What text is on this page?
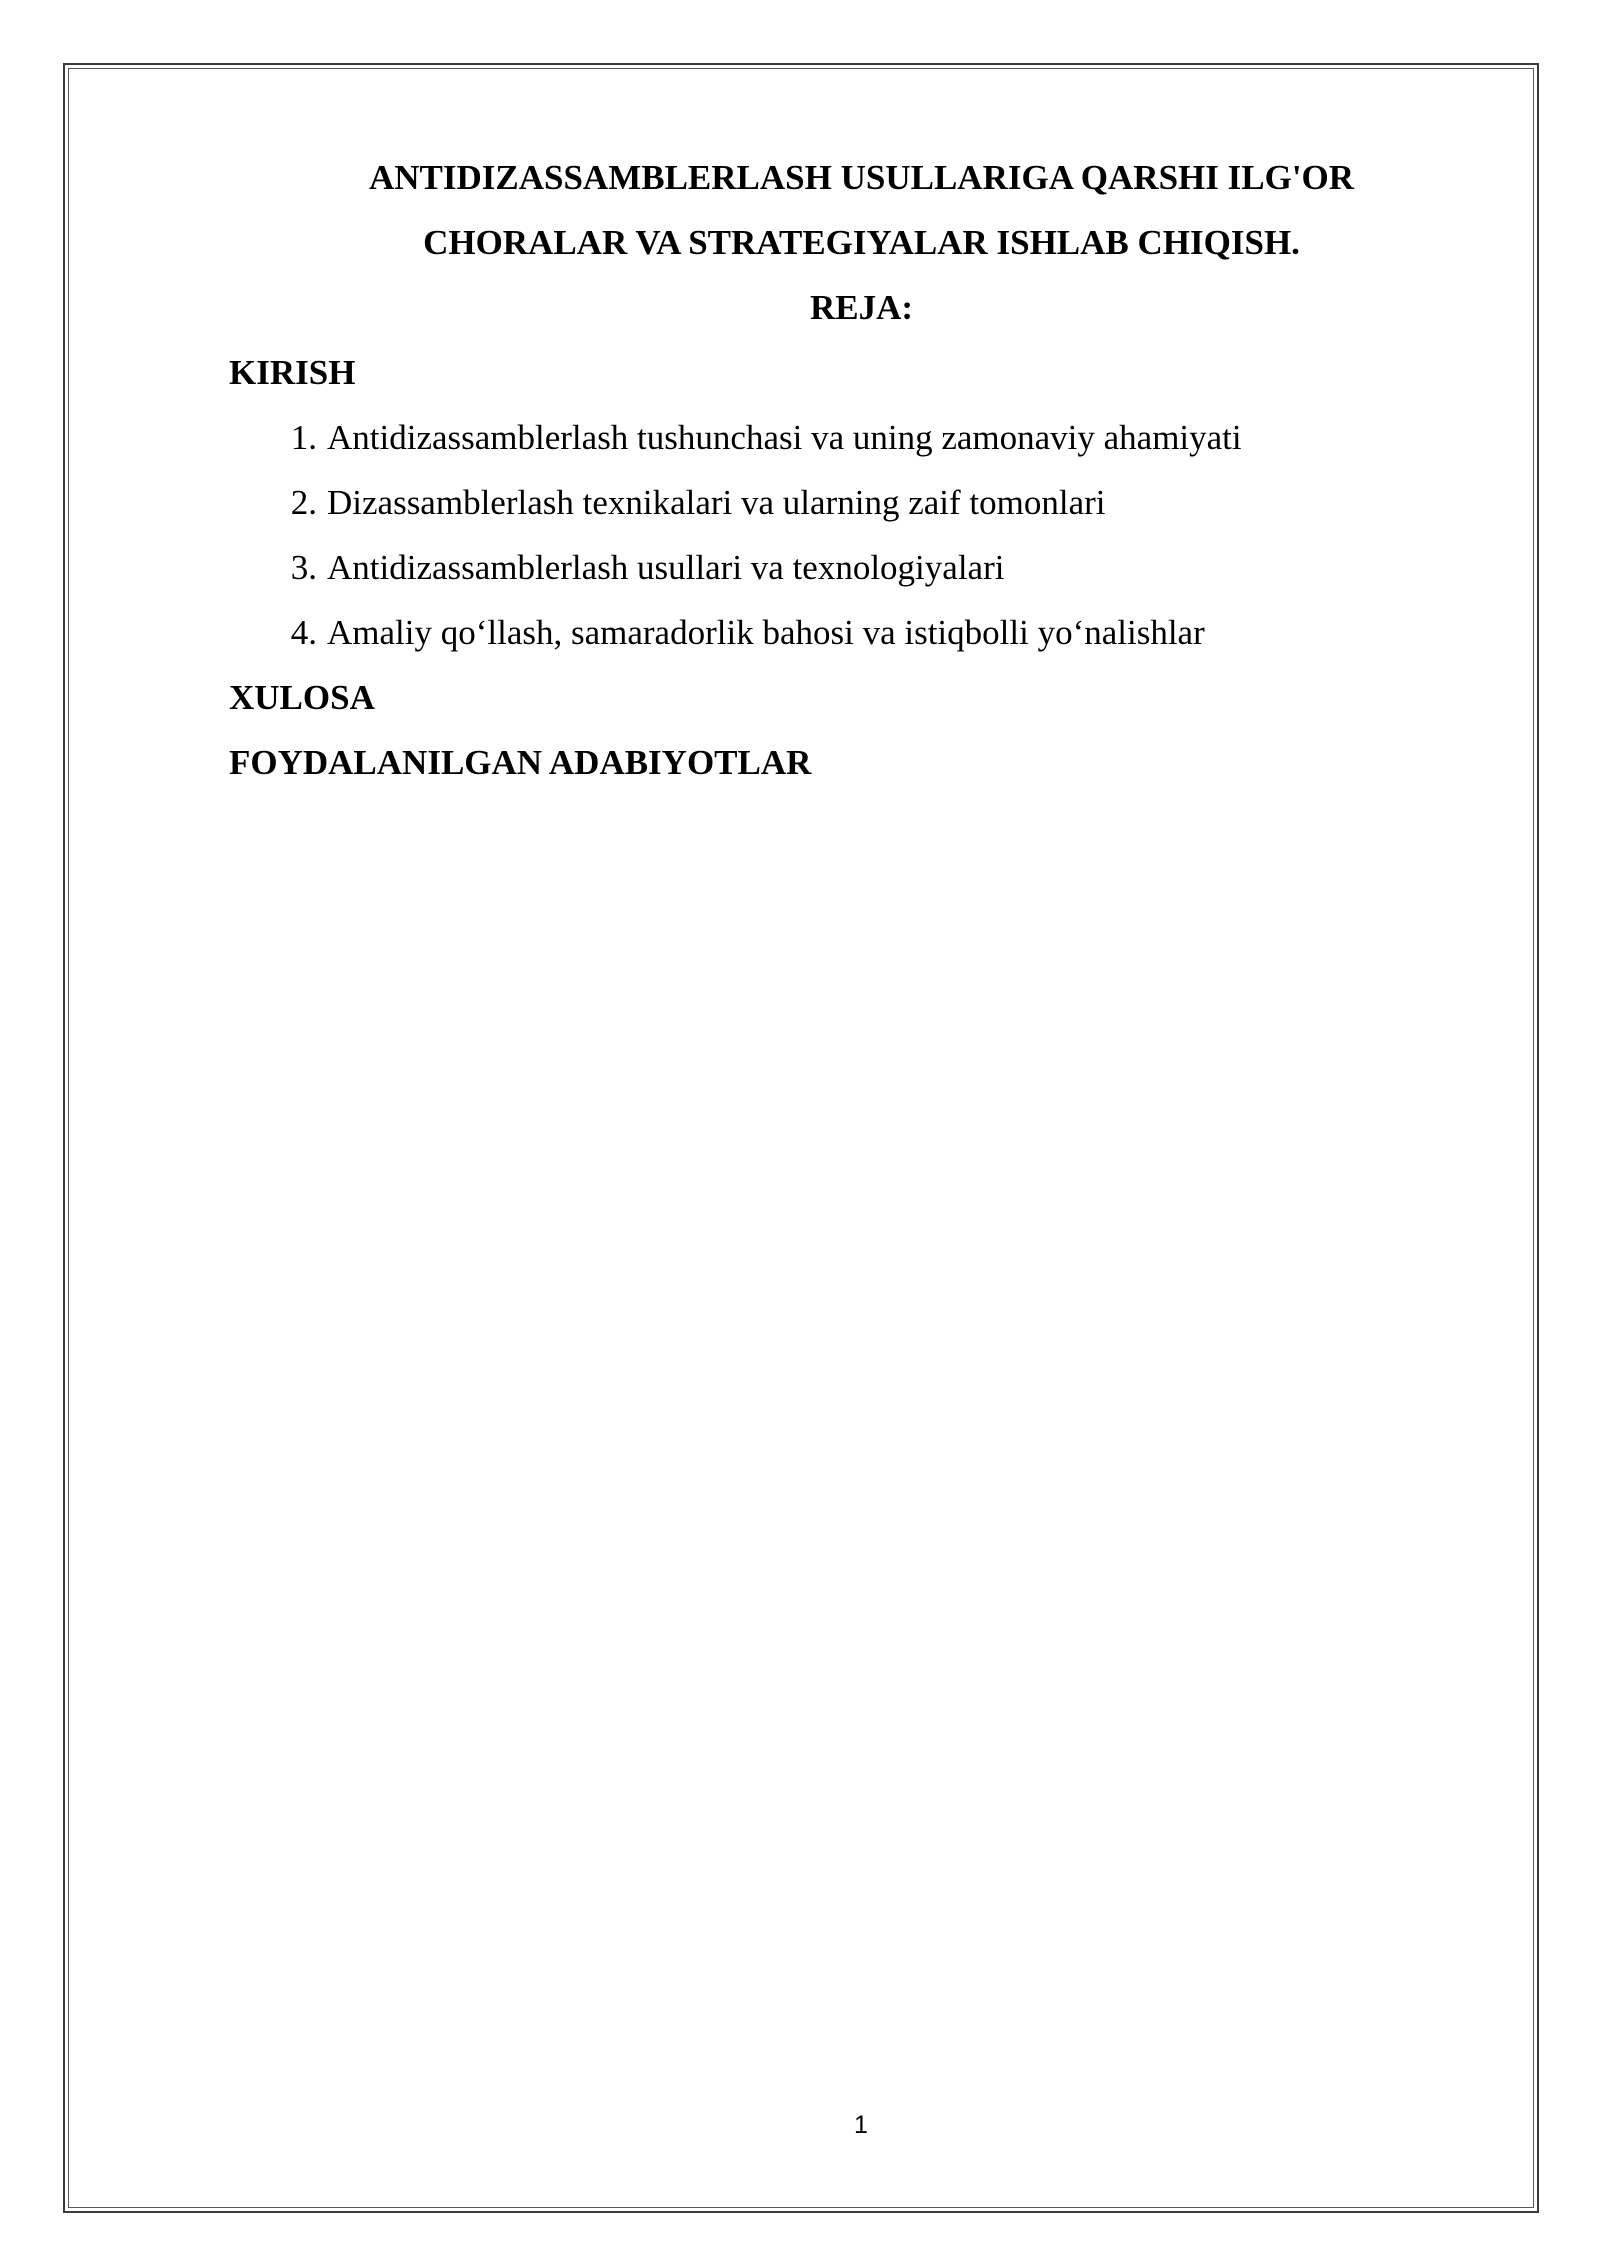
ANTIDIZASSAMBLERLASH USULLARIGA QARSHI ILG'OR
CHORALAR VA STRATEGIYALAR ISHLAB CHIQISH.
REJA:
KIRISH
1. Antidizassamblerlash tushunchasi va uning zamonaviy ahamiyati
2. Dizassamblerlash texnikalari va ularning zaif tomonlari
3. Antidizassamblerlash usullari va texnologiyalari
4. Amaliy qo‘llash, samaradorlik bahosi va istiqbolli yo‘nalishlar
XULOSA
FOYDALANILGAN ADABIYOTLAR
1
